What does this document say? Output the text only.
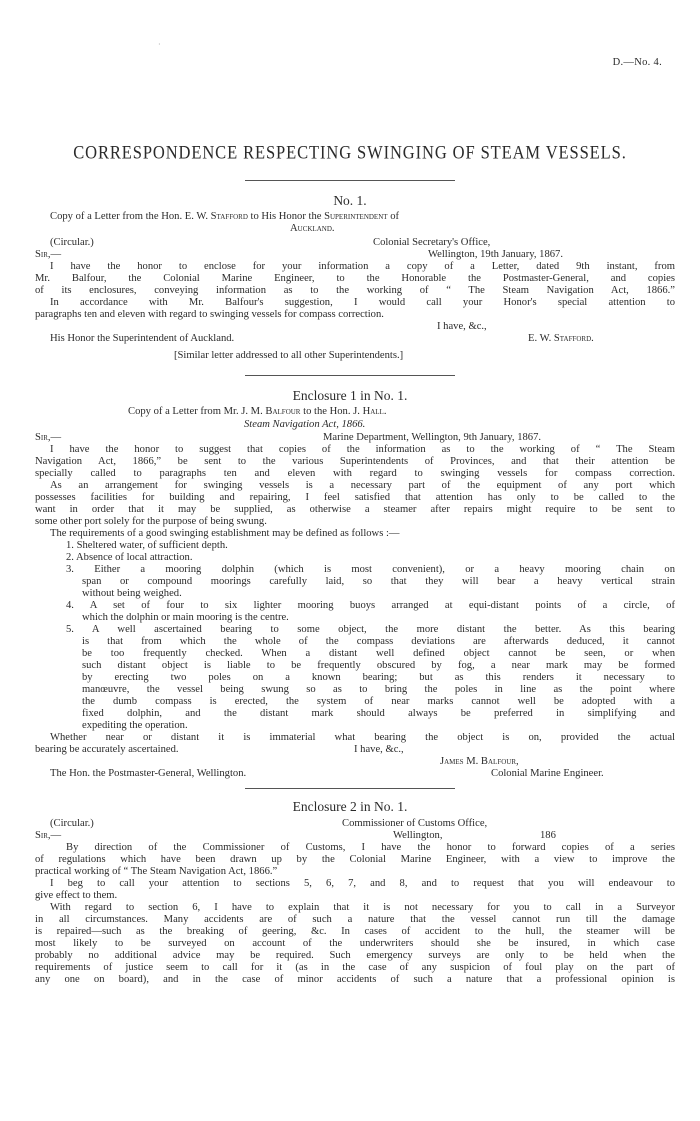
·
D.—No. 4.
CORRESPONDENCE RESPECTING SWINGING OF STEAM VESSELS.
No. 1.
Copy of a Letter from the Hon. E. W. Stafford to His Honor the Superintendent of
Auckland.
(Circular.)	Colonial Secretary's Office,
Sir,—	Wellington, 19th January, 1867.
I have the honor to enclose for your information a copy of a Letter, dated 9th instant, from
Mr. Balfour, the Colonial Marine Engineer, to the Honorable the Postmaster-General, and copies
of its enclosures, conveying information as to the working of “ The Steam Navigation Act, 1866.”
In accordance with Mr. Balfour's suggestion, I would call your Honor's special attention to
paragraphs ten and eleven with regard to swinging vessels for compass correction.
I have, &c.,
His Honor the Superintendent of Auckland.	E. W. Stafford.
[Similar letter addressed to all other Superintendents.]
Enclosure 1 in No. 1.
Copy of a Letter from Mr. J. M. Balfour to the Hon. J. Hall.
Steam Navigation Act, 1866.
Sir,—	Marine Department, Wellington, 9th January, 1867.
I have the honor to suggest that copies of the information as to the working of “ The Steam
Navigation Act, 1866,” be sent to the various Superintendents of Provinces, and that their attention be
specially called to paragraphs ten and eleven with regard to swinging vessels for compass correction.
As an arrangement for swinging vessels is a necessary part of the equipment of any port which
possesses facilities for building and repairing, I feel satisfied that attention has only to be called to the
want in order that it may be supplied, as otherwise a steamer after repairs might require to be sent to
some other port solely for the purpose of being swung.
The requirements of a good swinging establishment may be defined as follows :—
1. Sheltered water, of sufficient depth.
2. Absence of local attraction.
3. Either a mooring dolphin (which is most convenient), or a heavy mooring chain on
span or compound moorings carefully laid, so that they will bear a heavy vertical strain
without being weighed.
4. A set of four to six lighter mooring buoys arranged at equi-distant points of a circle, of
which the dolphin or main mooring is the centre.
5. A well ascertained bearing to some object, the more distant the better. As this bearing
is that from which the whole of the compass deviations are afterwards deduced, it cannot
be too frequently checked. When a distant well defined object cannot be seen, or when
such distant object is liable to be frequently obscured by fog, a near mark may be formed
by erecting two poles on a known bearing; but as this renders it necessary to
manœuvre, the vessel being swung so as to bring the poles in line as the point where
the dumb compass is erected, the system of near marks cannot well be adopted with a
fixed dolphin, and the distant mark should always be preferred in simplifying and
expediting the operation.
Whether near or distant it is immaterial what bearing the object is on, provided the actual
bearing be accurately ascertained.	I have, &c.,
James M. Balfour,
The Hon. the Postmaster-General, Wellington.	Colonial Marine Engineer.
Enclosure 2 in No. 1.
(Circular.)	Commissioner of Customs Office,
Sir,—	Wellington,	186
By direction of the Commissioner of Customs, I have the honor to forward copies of a series
of regulations which have been drawn up by the Colonial Marine Engineer, with a view to improve the
practical working of “ The Steam Navigation Act, 1866.”
I beg to call your attention to sections 5, 6, 7, and 8, and to request that you will endeavour to
give effect to them.
With regard to section 6, I have to explain that it is not necessary for you to call in a Surveyor
in all circumstances. Many accidents are of such a nature that the vessel cannot run till the damage
is repaired—such as the breaking of geering, &c. In cases of accident to the hull, the steamer will be
most likely to be surveyed on account of the underwriters should she be insured, in which case
probably no additional advice may be required. Such emergency surveys are only to be held when the
requirements of justice seem to call for it (as in the case of any suspicion of foul play on the part of
any one on board), and in the case of minor accidents of such a nature that a professional opinion is
